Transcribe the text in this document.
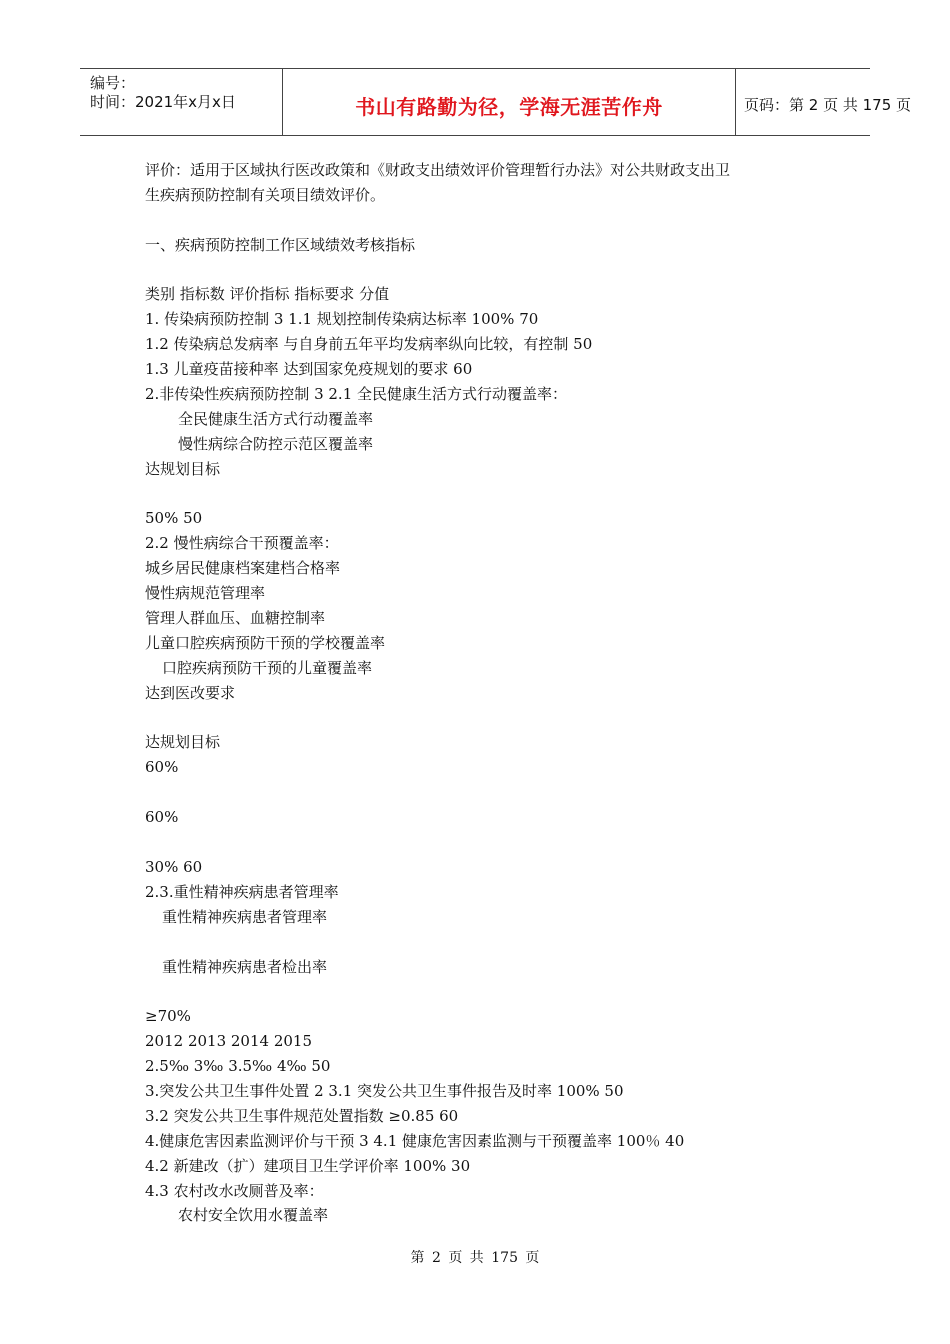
编号：
时间：2021年x月x日	书山有路勤为径，学海无涯苦作舟	页码：第 2 页 共 175 页
评价：适用于区域执行医改政策和《财政支出绩效评价管理暂行办法》对公共财政支出卫
生疾病预防控制有关项目绩效评价。
一、疾病预防控制工作区域绩效考核指标
类别 指标数 评价指标 指标要求 分值
1. 传染病预防控制 3 1.1 规划控制传染病达标率 100% 70
1.2 传染病总发病率 与自身前五年平均发病率纵向比较，有控制 50
1.3 儿童疫苗接种率 达到国家免疫规划的要求 60
2.非传染性疾病预防控制 3 2.1 全民健康生活方式行动覆盖率：
全民健康生活方式行动覆盖率
慢性病综合防控示范区覆盖率
达规划目标
50% 50
2.2 慢性病综合干预覆盖率：
城乡居民健康档案建档合格率
慢性病规范管理率
管理人群血压、血糖控制率
儿童口腔疾病预防干预的学校覆盖率
口腔疾病预防干预的儿童覆盖率
达到医改要求
达规划目标
60%
60%
30% 60
2.3.重性精神疾病患者管理率
重性精神疾病患者管理率
重性精神疾病患者检出率
≥70%
2012 2013 2014 2015
2.5‰ 3‰ 3.5‰ 4‰ 50
3.突发公共卫生事件处置 2 3.1 突发公共卫生事件报告及时率 100% 50
3.2 突发公共卫生事件规范处置指数 ≥0.85 60
4.健康危害因素监测评价与干预 3 4.1 健康危害因素监测与干预覆盖率 100％ 40
4.2 新建改（扩）建项目卫生学评价率 100% 30
4.3 农村改水改厕普及率：
农村安全饮用水覆盖率
第 2 页 共 175 页
